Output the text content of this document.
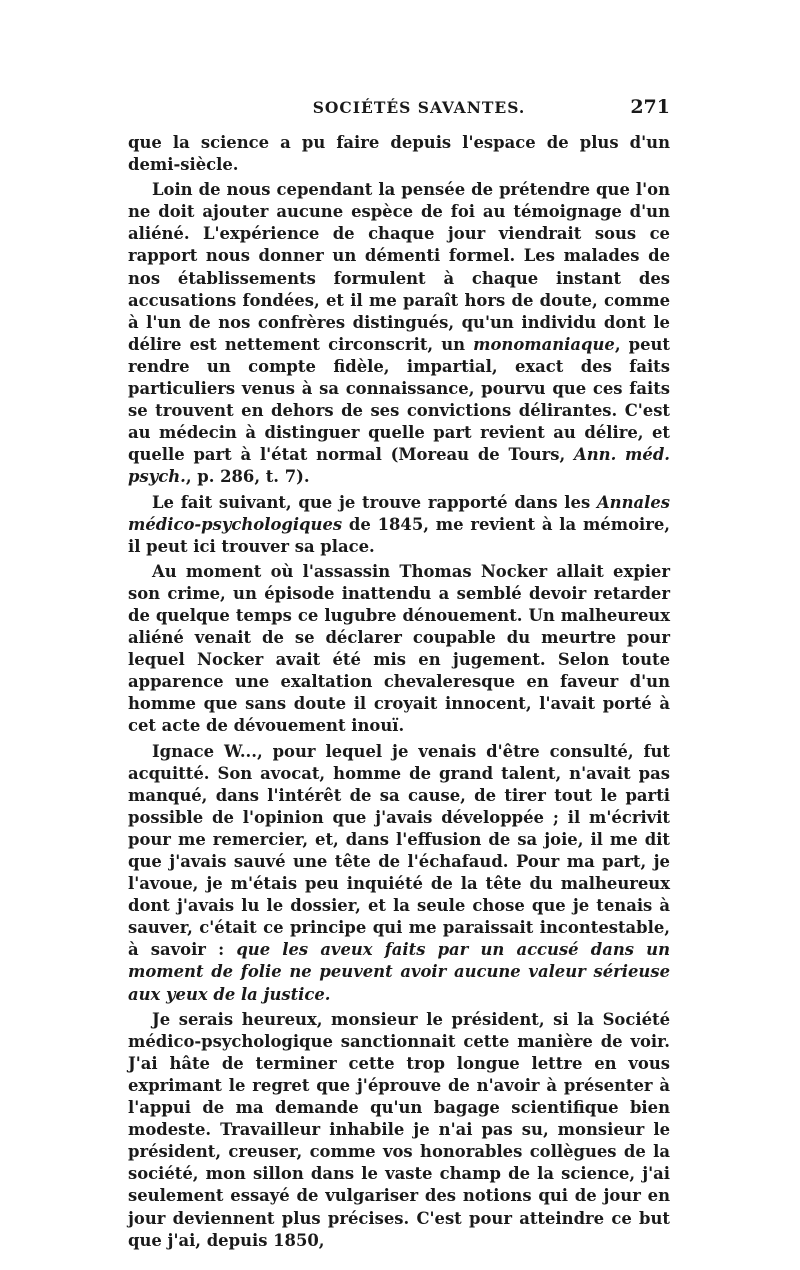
SOCIÉTÉS SAVANTES.	271

que la science a pu faire depuis l'espace de plus d'un demi-siècle.

Loin de nous cependant la pensée de prétendre que l'on ne doit ajouter aucune espèce de foi au témoignage d'un aliéné. L'expérience de chaque jour viendrait sous ce rapport nous donner un démenti formel. Les malades de nos établissements formulent à chaque instant des accusations fondées, et il me paraît hors de doute, comme à l'un de nos confrères distingués, qu'un individu dont le délire est nettement circonscrit, un monomaniaque, peut rendre un compte fidèle, impartial, exact des faits particuliers venus à sa connaissance, pourvu que ces faits se trouvent en dehors de ses convictions délirantes. C'est au médecin à distinguer quelle part revient au délire, et quelle part à l'état normal (Moreau de Tours, Ann. méd. psych., p. 286, t. 7).

Le fait suivant, que je trouve rapporté dans les Annales médico-psychologiques de 1845, me revient à la mémoire, il peut ici trouver sa place.

Au moment où l'assassin Thomas Nocker allait expier son crime, un épisode inattendu a semblé devoir retarder de quelque temps ce lugubre dénouement. Un malheureux aliéné venait de se déclarer coupable du meurtre pour lequel Nocker avait été mis en jugement. Selon toute apparence une exaltation chevaleresque en faveur d'un homme que sans doute il croyait innocent, l'avait porté à cet acte de dévouement inouï.

Ignace W..., pour lequel je venais d'être consulté, fut acquitté. Son avocat, homme de grand talent, n'avait pas manqué, dans l'intérêt de sa cause, de tirer tout le parti possible de l'opinion que j'avais développée ; il m'écrivit pour me remercier, et, dans l'effusion de sa joie, il me dit que j'avais sauvé une tête de l'échafaud. Pour ma part, je l'avoue, je m'étais peu inquiété de la tête du malheureux dont j'avais lu le dossier, et la seule chose que je tenais à sauver, c'était ce principe qui me paraissait incontestable, à savoir : que les aveux faits par un accusé dans un moment de folie ne peuvent avoir aucune valeur sérieuse aux yeux de la justice.

Je serais heureux, monsieur le président, si la Société médico-psychologique sanctionnait cette manière de voir. J'ai hâte de terminer cette trop longue lettre en vous exprimant le regret que j'éprouve de n'avoir à présenter à l'appui de ma demande qu'un bagage scientifique bien modeste. Travailleur inhabile je n'ai pas su, monsieur le président, creuser, comme vos honorables collègues de la société, mon sillon dans le vaste champ de la science, j'ai seulement essayé de vulgariser des notions qui de jour en jour deviennent plus précises. C'est pour atteindre ce but que j'ai, depuis 1850,
